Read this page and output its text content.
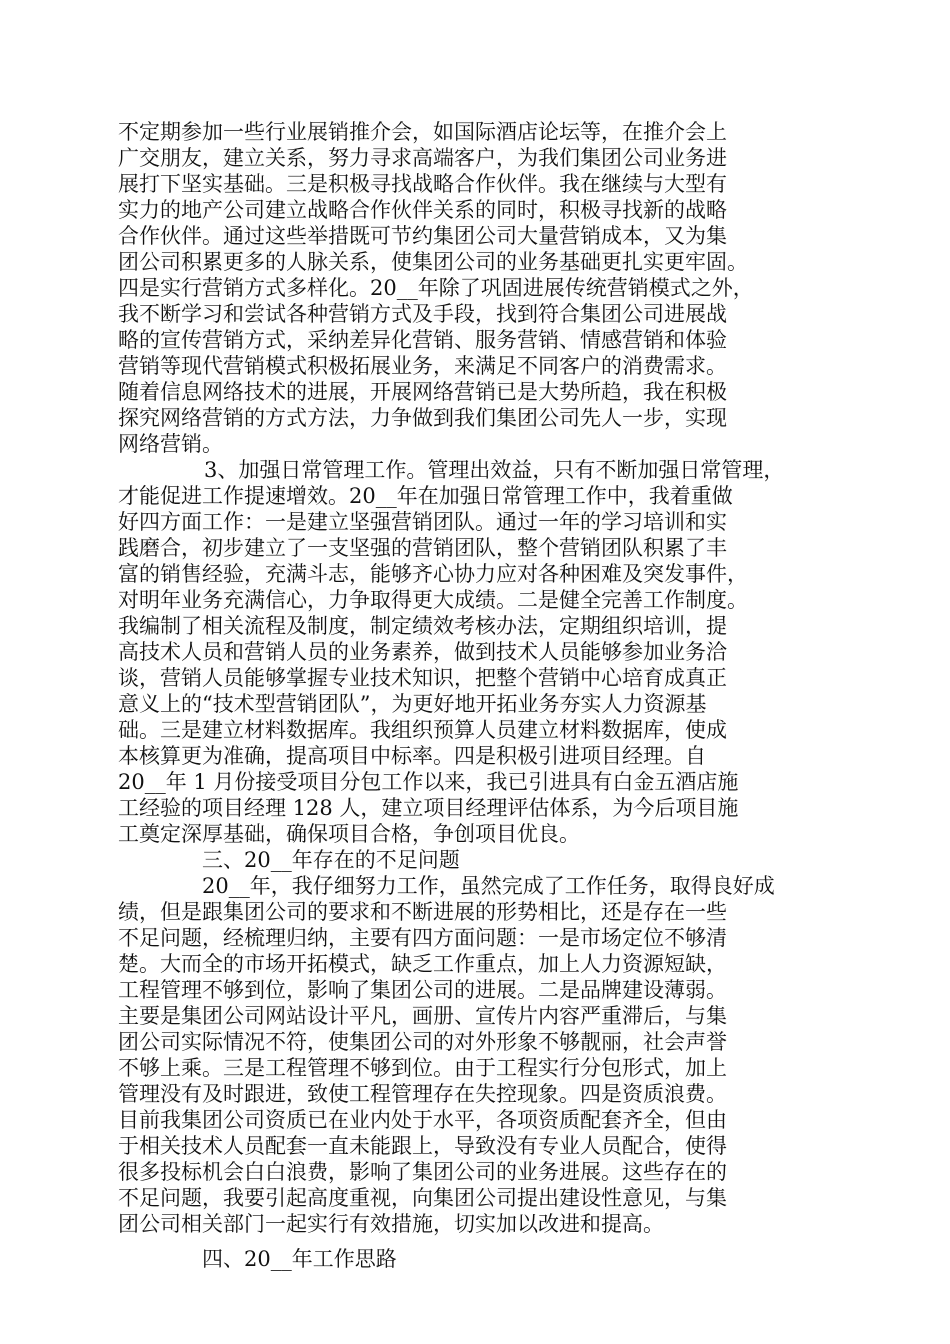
不定期参加一些行业展销推介会，如国际酒店论坛等，在推介会上
广交朋友，建立关系，努力寻求高端客户，为我们集团公司业务进
展打下坚实基础。三是积极寻找战略合作伙伴。我在继续与大型有
实力的地产公司建立战略合作伙伴关系的同时，积极寻找新的战略
合作伙伴。通过这些举措既可节约集团公司大量营销成本，又为集
团公司积累更多的人脉关系，使集团公司的业务基础更扎实更牢固。
四是实行营销方式多样化。20__年除了巩固进展传统营销模式之外，
我不断学习和尝试各种营销方式及手段，找到符合集团公司进展战
略的宣传营销方式，采纳差异化营销、服务营销、情感营销和体验
营销等现代营销模式积极拓展业务，来满足不同客户的消费需求。
随着信息网络技术的进展，开展网络营销已是大势所趋，我在积极
探究网络营销的方式方法，力争做到我们集团公司先人一步，实现
网络营销。
3、加强日常管理工作。管理出效益，只有不断加强日常管理，
才能促进工作提速增效。20__年在加强日常管理工作中，我着重做
好四方面工作：一是建立坚强营销团队。通过一年的学习培训和实
践磨合，初步建立了一支坚强的营销团队，整个营销团队积累了丰
富的销售经验，充满斗志，能够齐心协力应对各种困难及突发事件，
对明年业务充满信心，力争取得更大成绩。二是健全完善工作制度。
我编制了相关流程及制度，制定绩效考核办法，定期组织培训，提
高技术人员和营销人员的业务素养，做到技术人员能够参加业务洽
谈，营销人员能够掌握专业技术知识，把整个营销中心培育成真正
意义上的“技术型营销团队”，为更好地开拓业务夯实人力资源基
础。三是建立材料数据库。我组织预算人员建立材料数据库，使成
本核算更为准确，提高项目中标率。四是积极引进项目经理。自
20__年 1 月份接受项目分包工作以来，我已引进具有白金五酒店施
工经验的项目经理 128 人，建立项目经理评估体系，为今后项目施
工奠定深厚基础，确保项目合格，争创项目优良。
三、20__年存在的不足问题
20__年，我仔细努力工作，虽然完成了工作任务，取得良好成
绩，但是跟集团公司的要求和不断进展的形势相比，还是存在一些
不足问题，经梳理归纳，主要有四方面问题：一是市场定位不够清
楚。大而全的市场开拓模式，缺乏工作重点，加上人力资源短缺，
工程管理不够到位，影响了集团公司的进展。二是品牌建设薄弱。
主要是集团公司网站设计平凡，画册、宣传片内容严重滞后，与集
团公司实际情况不符，使集团公司的对外形象不够靓丽，社会声誉
不够上乘。三是工程管理不够到位。由于工程实行分包形式，加上
管理没有及时跟进，致使工程管理存在失控现象。四是资质浪费。
目前我集团公司资质已在业内处于水平，各项资质配套齐全，但由
于相关技术人员配套一直未能跟上，导致没有专业人员配合，使得
很多投标机会白白浪费，影响了集团公司的业务进展。这些存在的
不足问题，我要引起高度重视，向集团公司提出建设性意见，与集
团公司相关部门一起实行有效措施，切实加以改进和提高。
四、20__年工作思路
